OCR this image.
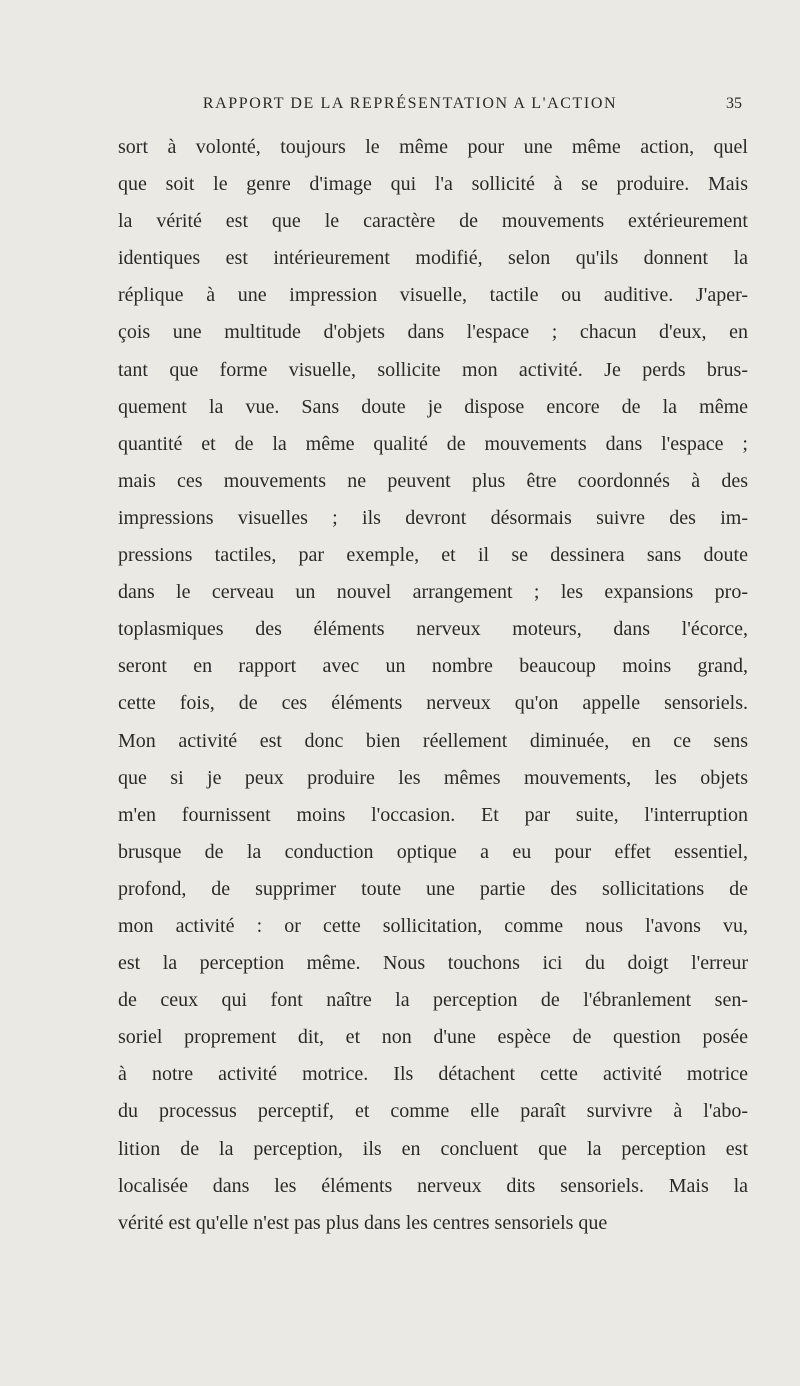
RAPPORT DE LA REPRÉSENTATION A L'ACTION	35
sort à volonté, toujours le même pour une même action, quel
que soit le genre d'image qui l'a sollicité à se produire. Mais
la vérité est que le caractère de mouvements extérieurement
identiques est intérieurement modifié, selon qu'ils donnent la
réplique à une impression visuelle, tactile ou auditive. J'aper-
çois une multitude d'objets dans l'espace ; chacun d'eux, en
tant que forme visuelle, sollicite mon activité. Je perds brus-
quement la vue. Sans doute je dispose encore de la même
quantité et de la même qualité de mouvements dans l'espace ;
mais ces mouvements ne peuvent plus être coordonnés à des
impressions visuelles ; ils devront désormais suivre des im-
pressions tactiles, par exemple, et il se dessinera sans doute
dans le cerveau un nouvel arrangement ; les expansions pro-
toplasmiques des éléments nerveux moteurs, dans l'écorce,
seront en rapport avec un nombre beaucoup moins grand,
cette fois, de ces éléments nerveux qu'on appelle sensoriels.
Mon activité est donc bien réellement diminuée, en ce sens
que si je peux produire les mêmes mouvements, les objets
m'en fournissent moins l'occasion. Et par suite, l'interruption
brusque de la conduction optique a eu pour effet essentiel,
profond, de supprimer toute une partie des sollicitations de
mon activité : or cette sollicitation, comme nous l'avons vu,
est la perception même. Nous touchons ici du doigt l'erreur
de ceux qui font naître la perception de l'ébranlement sen-
soriel proprement dit, et non d'une espèce de question posée
à notre activité motrice. Ils détachent cette activité motrice
du processus perceptif, et comme elle paraît survivre à l'abo-
lition de la perception, ils en concluent que la perception est
localisée dans les éléments nerveux dits sensoriels. Mais la
vérité est qu'elle n'est pas plus dans les centres sensoriels que
